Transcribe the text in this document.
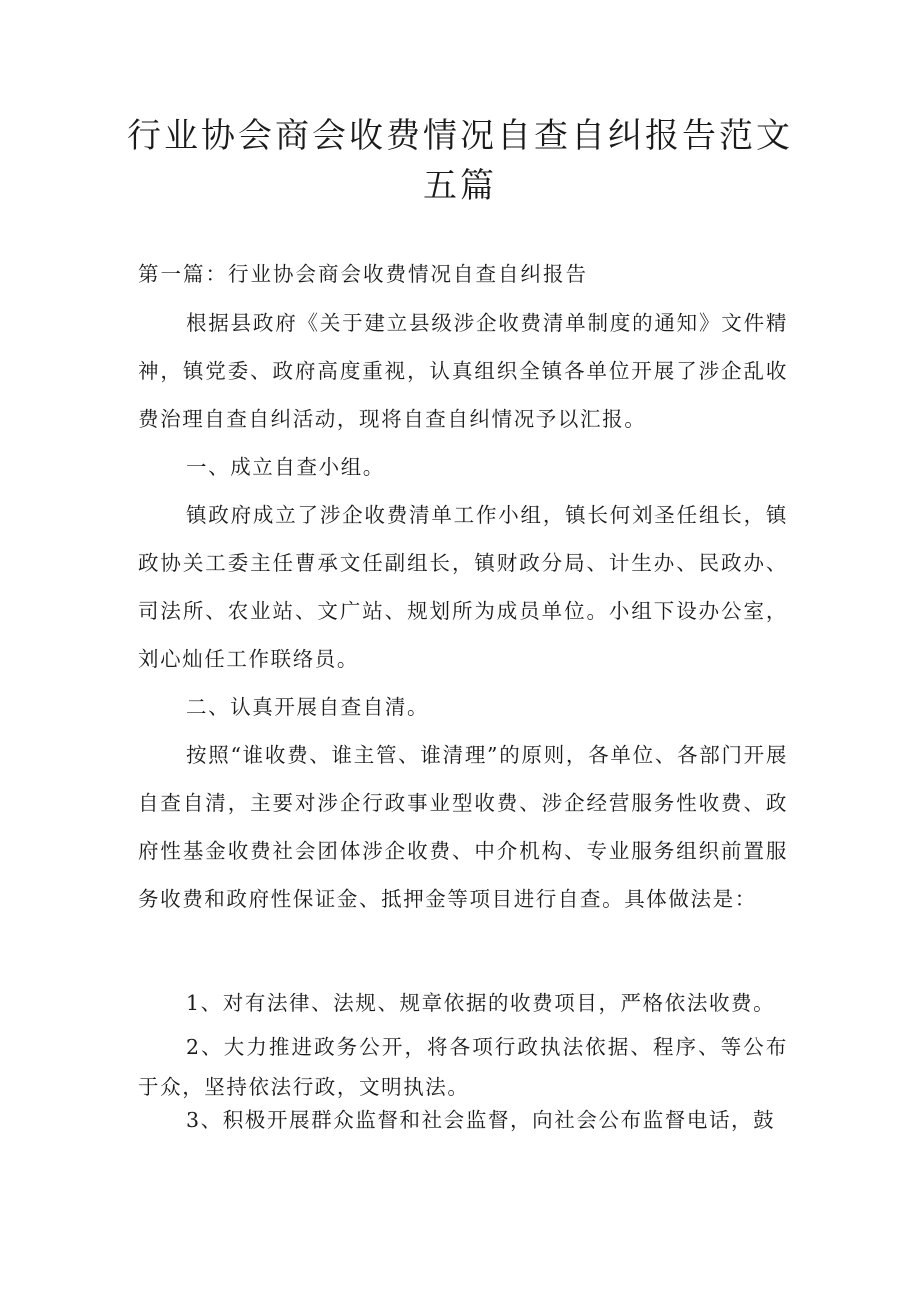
行业协会商会收费情况自查自纠报告范文
五篇

第一篇：行业协会商会收费情况自查自纠报告

根据县政府《关于建立县级涉企收费清单制度的通知》文件精神，镇党委、政府高度重视，认真组织全镇各单位开展了涉企乱收费治理自查自纠活动，现将自查自纠情况予以汇报。

一、成立自查小组。

镇政府成立了涉企收费清单工作小组，镇长何刘圣任组长，镇政协关工委主任曹承文任副组长，镇财政分局、计生办、民政办、司法所、农业站、文广站、规划所为成员单位。小组下设办公室，刘心灿任工作联络员。

二、认真开展自查自清。

按照“谁收费、谁主管、谁清理”的原则，各单位、各部门开展自查自清，主要对涉企行政事业型收费、涉企经营服务性收费、政府性基金收费社会团体涉企收费、中介机构、专业服务组织前置服务收费和政府性保证金、抵押金等项目进行自查。具体做法是：

1、对有法律、法规、规章依据的收费项目，严格依法收费。

2、大力推进政务公开，将各项行政执法依据、程序、等公布于众，坚持依法行政，文明执法。

3、积极开展群众监督和社会监督，向社会公布监督电话，鼓
